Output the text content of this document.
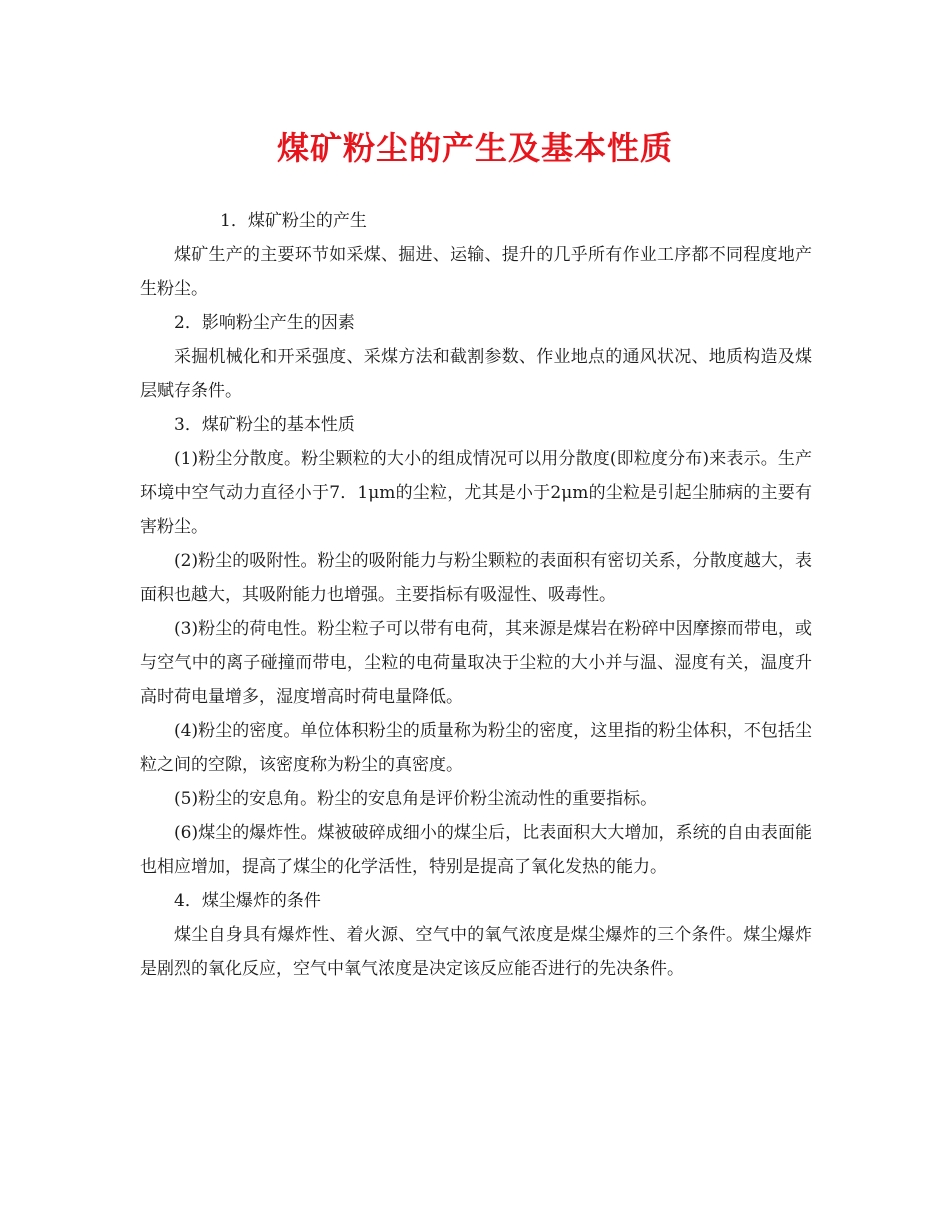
煤矿粉尘的产生及基本性质

1．煤矿粉尘的产生

煤矿生产的主要环节如采煤、掘进、运输、提升的几乎所有作业工序都不同程度地产生粉尘。

2．影响粉尘产生的因素

采掘机械化和开采强度、采煤方法和截割参数、作业地点的通风状况、地质构造及煤层赋存条件。

3．煤矿粉尘的基本性质

(1)粉尘分散度。粉尘颗粒的大小的组成情况可以用分散度(即粒度分布)来表示。生产环境中空气动力直径小于7．1μm的尘粒，尤其是小于2μm的尘粒是引起尘肺病的主要有害粉尘。

(2)粉尘的吸附性。粉尘的吸附能力与粉尘颗粒的表面积有密切关系，分散度越大，表面积也越大，其吸附能力也增强。主要指标有吸湿性、吸毒性。

(3)粉尘的荷电性。粉尘粒子可以带有电荷，其来源是煤岩在粉碎中因摩擦而带电，或与空气中的离子碰撞而带电，尘粒的电荷量取决于尘粒的大小并与温、湿度有关，温度升高时荷电量增多，湿度增高时荷电量降低。

(4)粉尘的密度。单位体积粉尘的质量称为粉尘的密度，这里指的粉尘体积，不包括尘粒之间的空隙，该密度称为粉尘的真密度。

(5)粉尘的安息角。粉尘的安息角是评价粉尘流动性的重要指标。

(6)煤尘的爆炸性。煤被破碎成细小的煤尘后，比表面积大大增加，系统的自由表面能也相应增加，提高了煤尘的化学活性，特别是提高了氧化发热的能力。

4．煤尘爆炸的条件

煤尘自身具有爆炸性、着火源、空气中的氧气浓度是煤尘爆炸的三个条件。煤尘爆炸是剧烈的氧化反应，空气中氧气浓度是决定该反应能否进行的先决条件。
